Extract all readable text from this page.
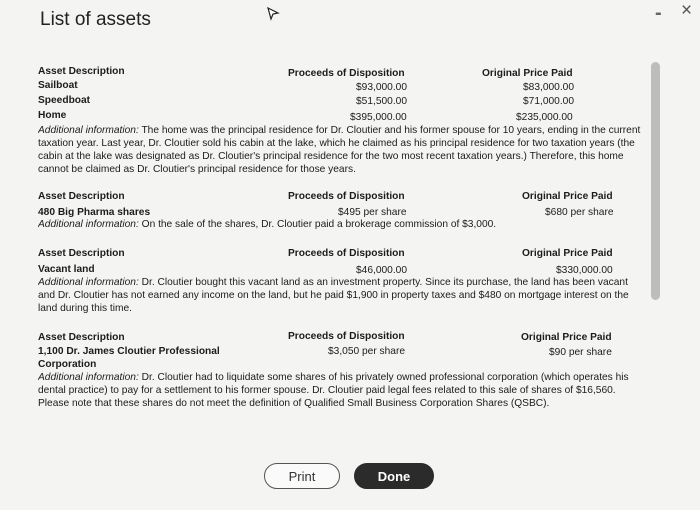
List of assets	- ×
Asset Description	Proceeds of Disposition	Original Price Paid
Sailboat	$93,000.00	$83,000.00
Speedboat	$51,500.00	$71,000.00
Home	$395,000.00	$235,000.00
Additional information: The home was the principal residence for Dr. Cloutier and his former spouse for 10 years, ending in the current taxation year. Last year, Dr. Cloutier sold his cabin at the lake, which he claimed as his principal residence for two taxation years (the cabin at the lake was designated as Dr. Cloutier's principal residence for the two most recent taxation years.) Therefore, this home cannot be claimed as Dr. Cloutier's principal residence for those years.
Asset Description	Proceeds of Disposition	Original Price Paid
480 Big Pharma shares	$495 per share	$680 per share
Additional information: On the sale of the shares, Dr. Cloutier paid a brokerage commission of $3,000.
Asset Description	Proceeds of Disposition	Original Price Paid
Vacant land	$46,000.00	$330,000.00
Additional information: Dr. Cloutier bought this vacant land as an investment property. Since its purchase, the land has been vacant and Dr. Cloutier has not earned any income on the land, but he paid $1,900 in property taxes and $480 on mortgage interest on the land during this time.
Asset Description	Proceeds of Disposition	Original Price Paid
1,100 Dr. James Cloutier Professional	$3,050 per share	$90 per share
Corporation
Additional information: Dr. Cloutier had to liquidate some shares of his privately owned professional corporation (which operates his dental practice) to pay for a settlement to his former spouse. Dr. Cloutier paid legal fees related to this sale of shares of $16,560. Please note that these shares do not meet the definition of Qualified Small Business Corporation Shares (QSBC).
Print	Done
